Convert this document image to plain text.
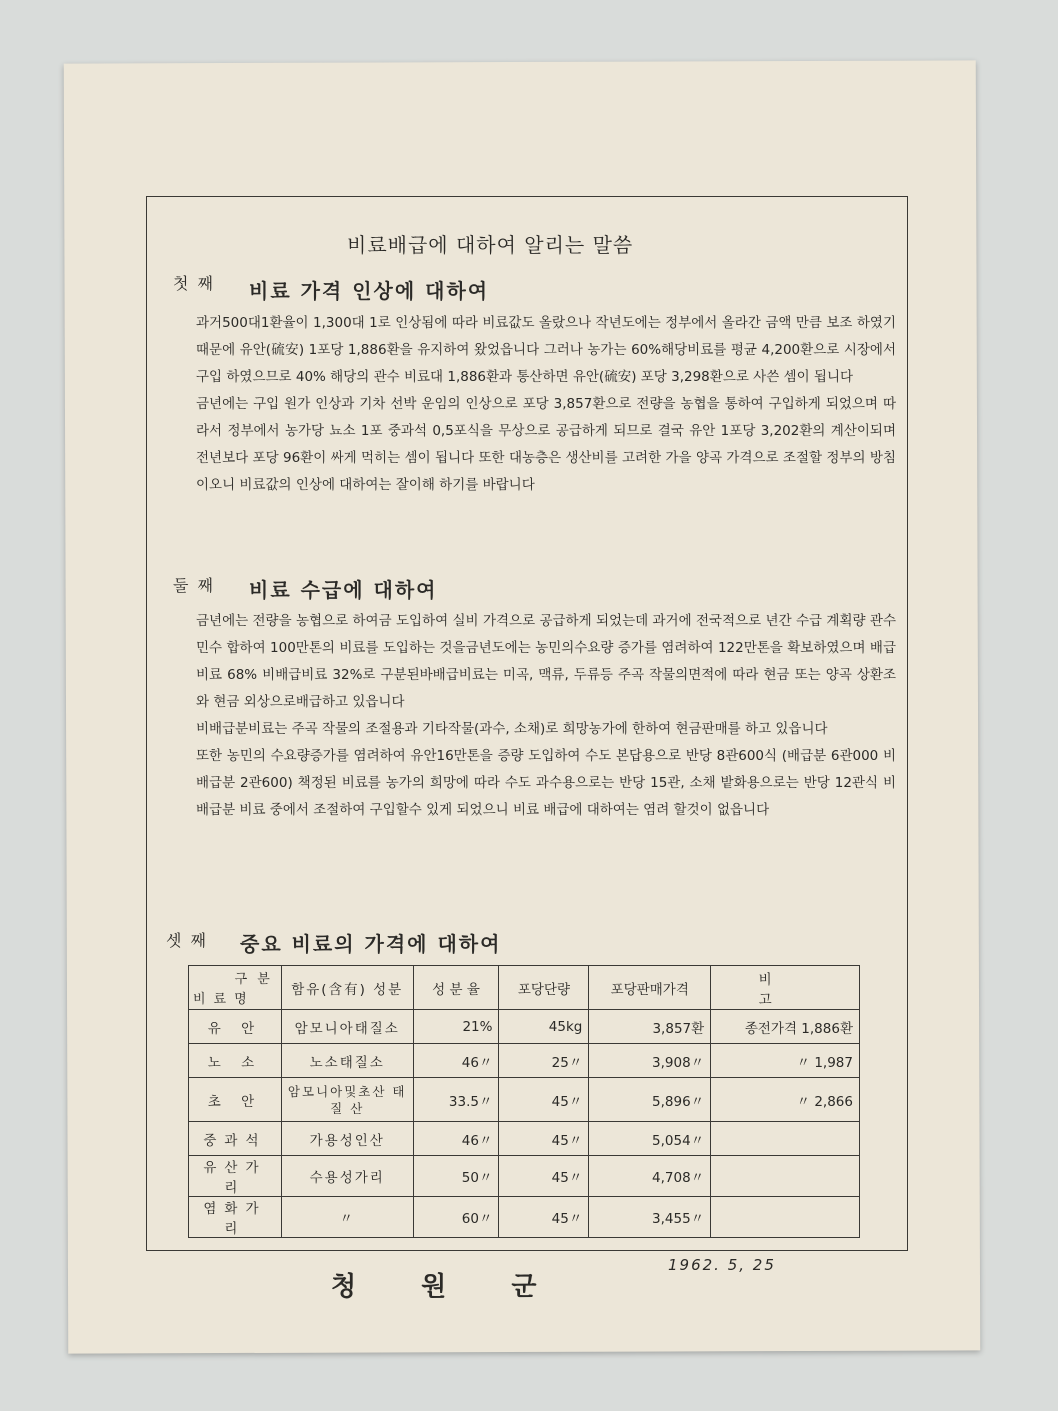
비료배급에 대하여 알리는 말씀
첫 째 비료 가격 인상에 대하여

과거500대1환율이 1,300대 1로 인상됨에 따라 비료값도 올랐으나 작년도에는 정부에서 올라간 금액 만큼 보조 하였기 때문에 유안(硫安) 1포당 1,886환을 유지하여 왔었읍니다 그러나 농가는 60%해당비료를 평균 4,200환으로 시장에서 구입 하였으므로 40% 해당의 관수 비료대 1,886환과 통산하면 유안(硫安) 포당 3,298환으로 사쓴 셈이 됩니다

금년에는 구입 원가 인상과 기차 선박 운임의 인상으로 포당 3,857환으로 전량을 농협을 통하여 구입하게 되었으며 따라서 정부에서 농가당 뇨소 1포 중과석 0,5포식을 무상으로 공급하게 되므로 결국 유안 1포당 3,202환의 계산이되며 전년보다 포당 96환이 싸게 먹히는 셈이 됩니다 또한 대농층은 생산비를 고려한 가을 양곡 가격으로 조절할 정부의 방침이오니 비료값의 인상에 대하여는 잘이해 하기를 바랍니다

둘 째 비료 수급에 대하여

금년에는 전량을 농협으로 하여금 도입하여 실비 가격으로 공급하게 되었는데 과거에 전국적으로 년간 수급 계획량 관수 민수 합하여 100만톤의 비료를 도입하는 것을금년도에는 농민의수요량 증가를 염려하여 122만톤을 확보하였으며 배급비료 68% 비배급비료 32%로 구분된바배급비료는 미곡, 맥류, 두류등 주곡 작물의면적에 따라 현금 또는 양곡 상환조와 현금 외상으로배급하고 있읍니다

비배급분비료는 주곡 작물의 조절용과 기타작물(과수, 소채)로 희망농가에 한하여 현금판매를 하고 있읍니다

또한 농민의 수요량증가를 염려하여 유안16만톤을 증량 도입하여 수도 본답용으로 반당 8관600식 (배급분 6관000 비배급분 2관600) 책정된 비료를 농가의 희망에 따라 수도 과수용으로는 반당 15관, 소채 밭화용으로는 반당 12관식 비배급분 비료 중에서 조절하여 구입할수 있게 되었으니 비료 배급에 대하여는 염려 할것이 없읍니다

셋 째 중요 비료의 가격에 대하여
구 분
비료명	함유(含有) 성분	성 분 율	포당단량	포당판매가격	비 고
유 안	암모니아태질소	21%	45kg	3,857환	종전가격 1,886환
노 소	노소태질소	46〃	25〃	3,908〃	〃 1,987
초 안	암모니아및초산 태 질 산	33.5〃	45〃	5,896〃	〃 2,866
중과석	가용성인산	46〃	45〃	5,054〃	
유산가리	수용성가리	50〃	45〃	4,708〃	
염화가리	〃	60〃	45〃	3,455〃	
1962. 5, 25
청 원 군
